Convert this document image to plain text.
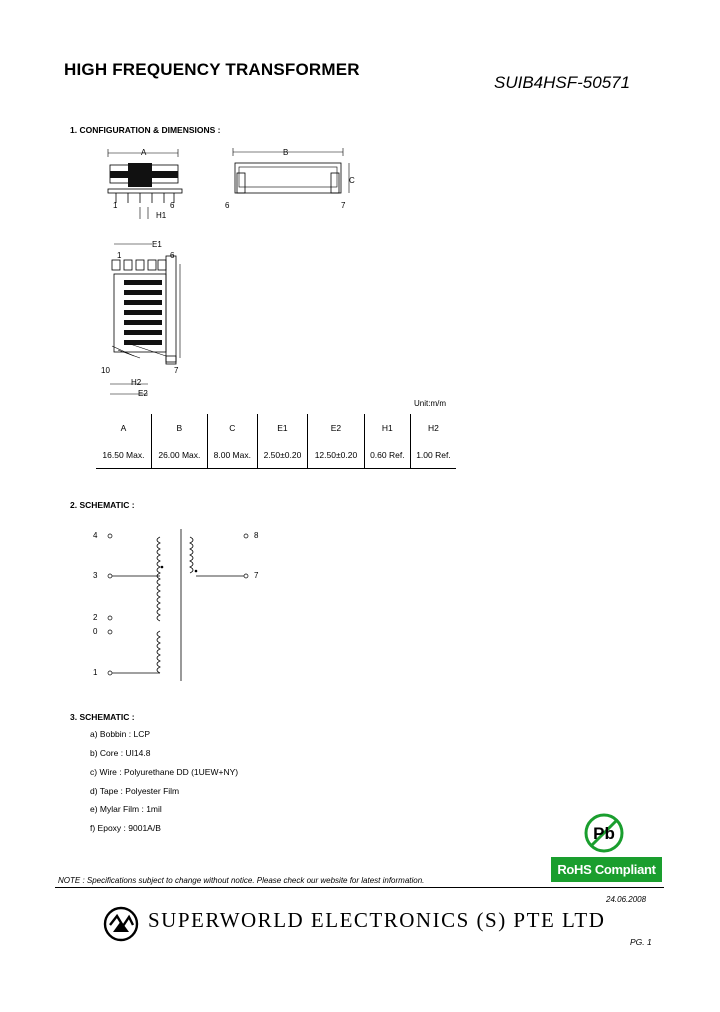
HIGH FREQUENCY TRANSFORMER
SUIB4HSF-50571
1. CONFIGURATION & DIMENSIONS :
A
H1
1	6
B
C
6	7
E1
1	6
10	7
H2
E2
Unit:m/m
A	B	C	E1	E2	H1	H2
16.50 Max.	26.00 Max.	8.00 Max.	2.50±0.20	12.50±0.20	0.60 Ref.	1.00 Ref.
2. SCHEMATIC :
4
3
2
0
1
8
7
3. SCHEMATIC :
a) Bobbin : LCP
b) Core : UI14.8
c) Wire : Polyurethane DD (1UEW+NY)
d) Tape : Polyester Film
e) Mylar Film : 1mil
f) Epoxy : 9001A/B	Pb
RoHS Compliant
NOTE : Specifications subject to change without notice. Please check our website for latest information.
24.06.2008
SUPERWORLD ELECTRONICS (S) PTE LTD
PG. 1
